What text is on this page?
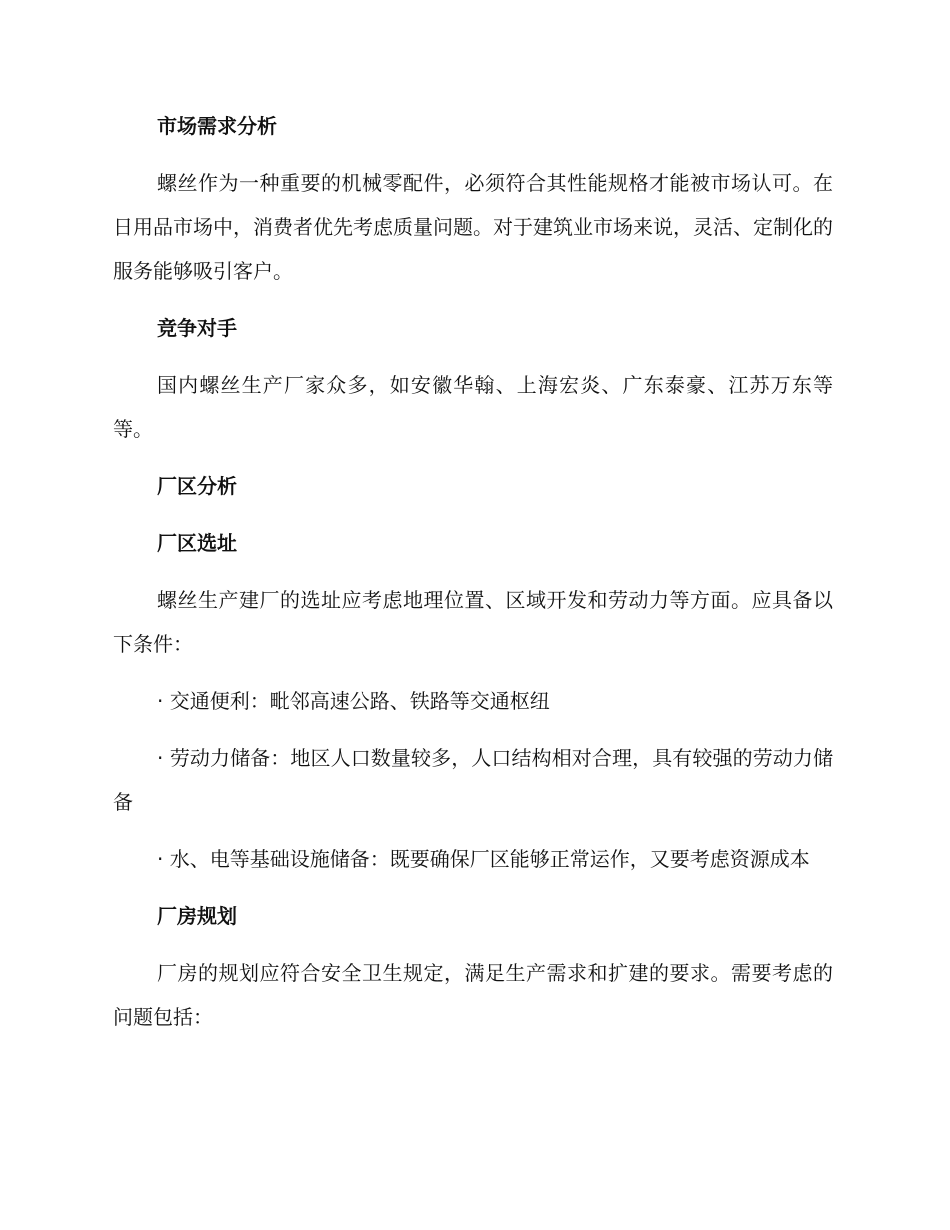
市场需求分析
螺丝作为一种重要的机械零配件，必须符合其性能规格才能被市场认可。在日用品市场中，消费者优先考虑质量问题。对于建筑业市场来说，灵活、定制化的服务能够吸引客户。
竞争对手
国内螺丝生产厂家众多，如安徽华翰、上海宏炎、广东泰豪、江苏万东等等。
厂区分析
厂区选址
螺丝生产建厂的选址应考虑地理位置、区域开发和劳动力等方面。应具备以下条件：
· 交通便利：毗邻高速公路、铁路等交通枢纽
· 劳动力储备：地区人口数量较多，人口结构相对合理，具有较强的劳动力储备
· 水、电等基础设施储备：既要确保厂区能够正常运作，又要考虑资源成本
厂房规划
厂房的规划应符合安全卫生规定，满足生产需求和扩建的要求。需要考虑的问题包括：
